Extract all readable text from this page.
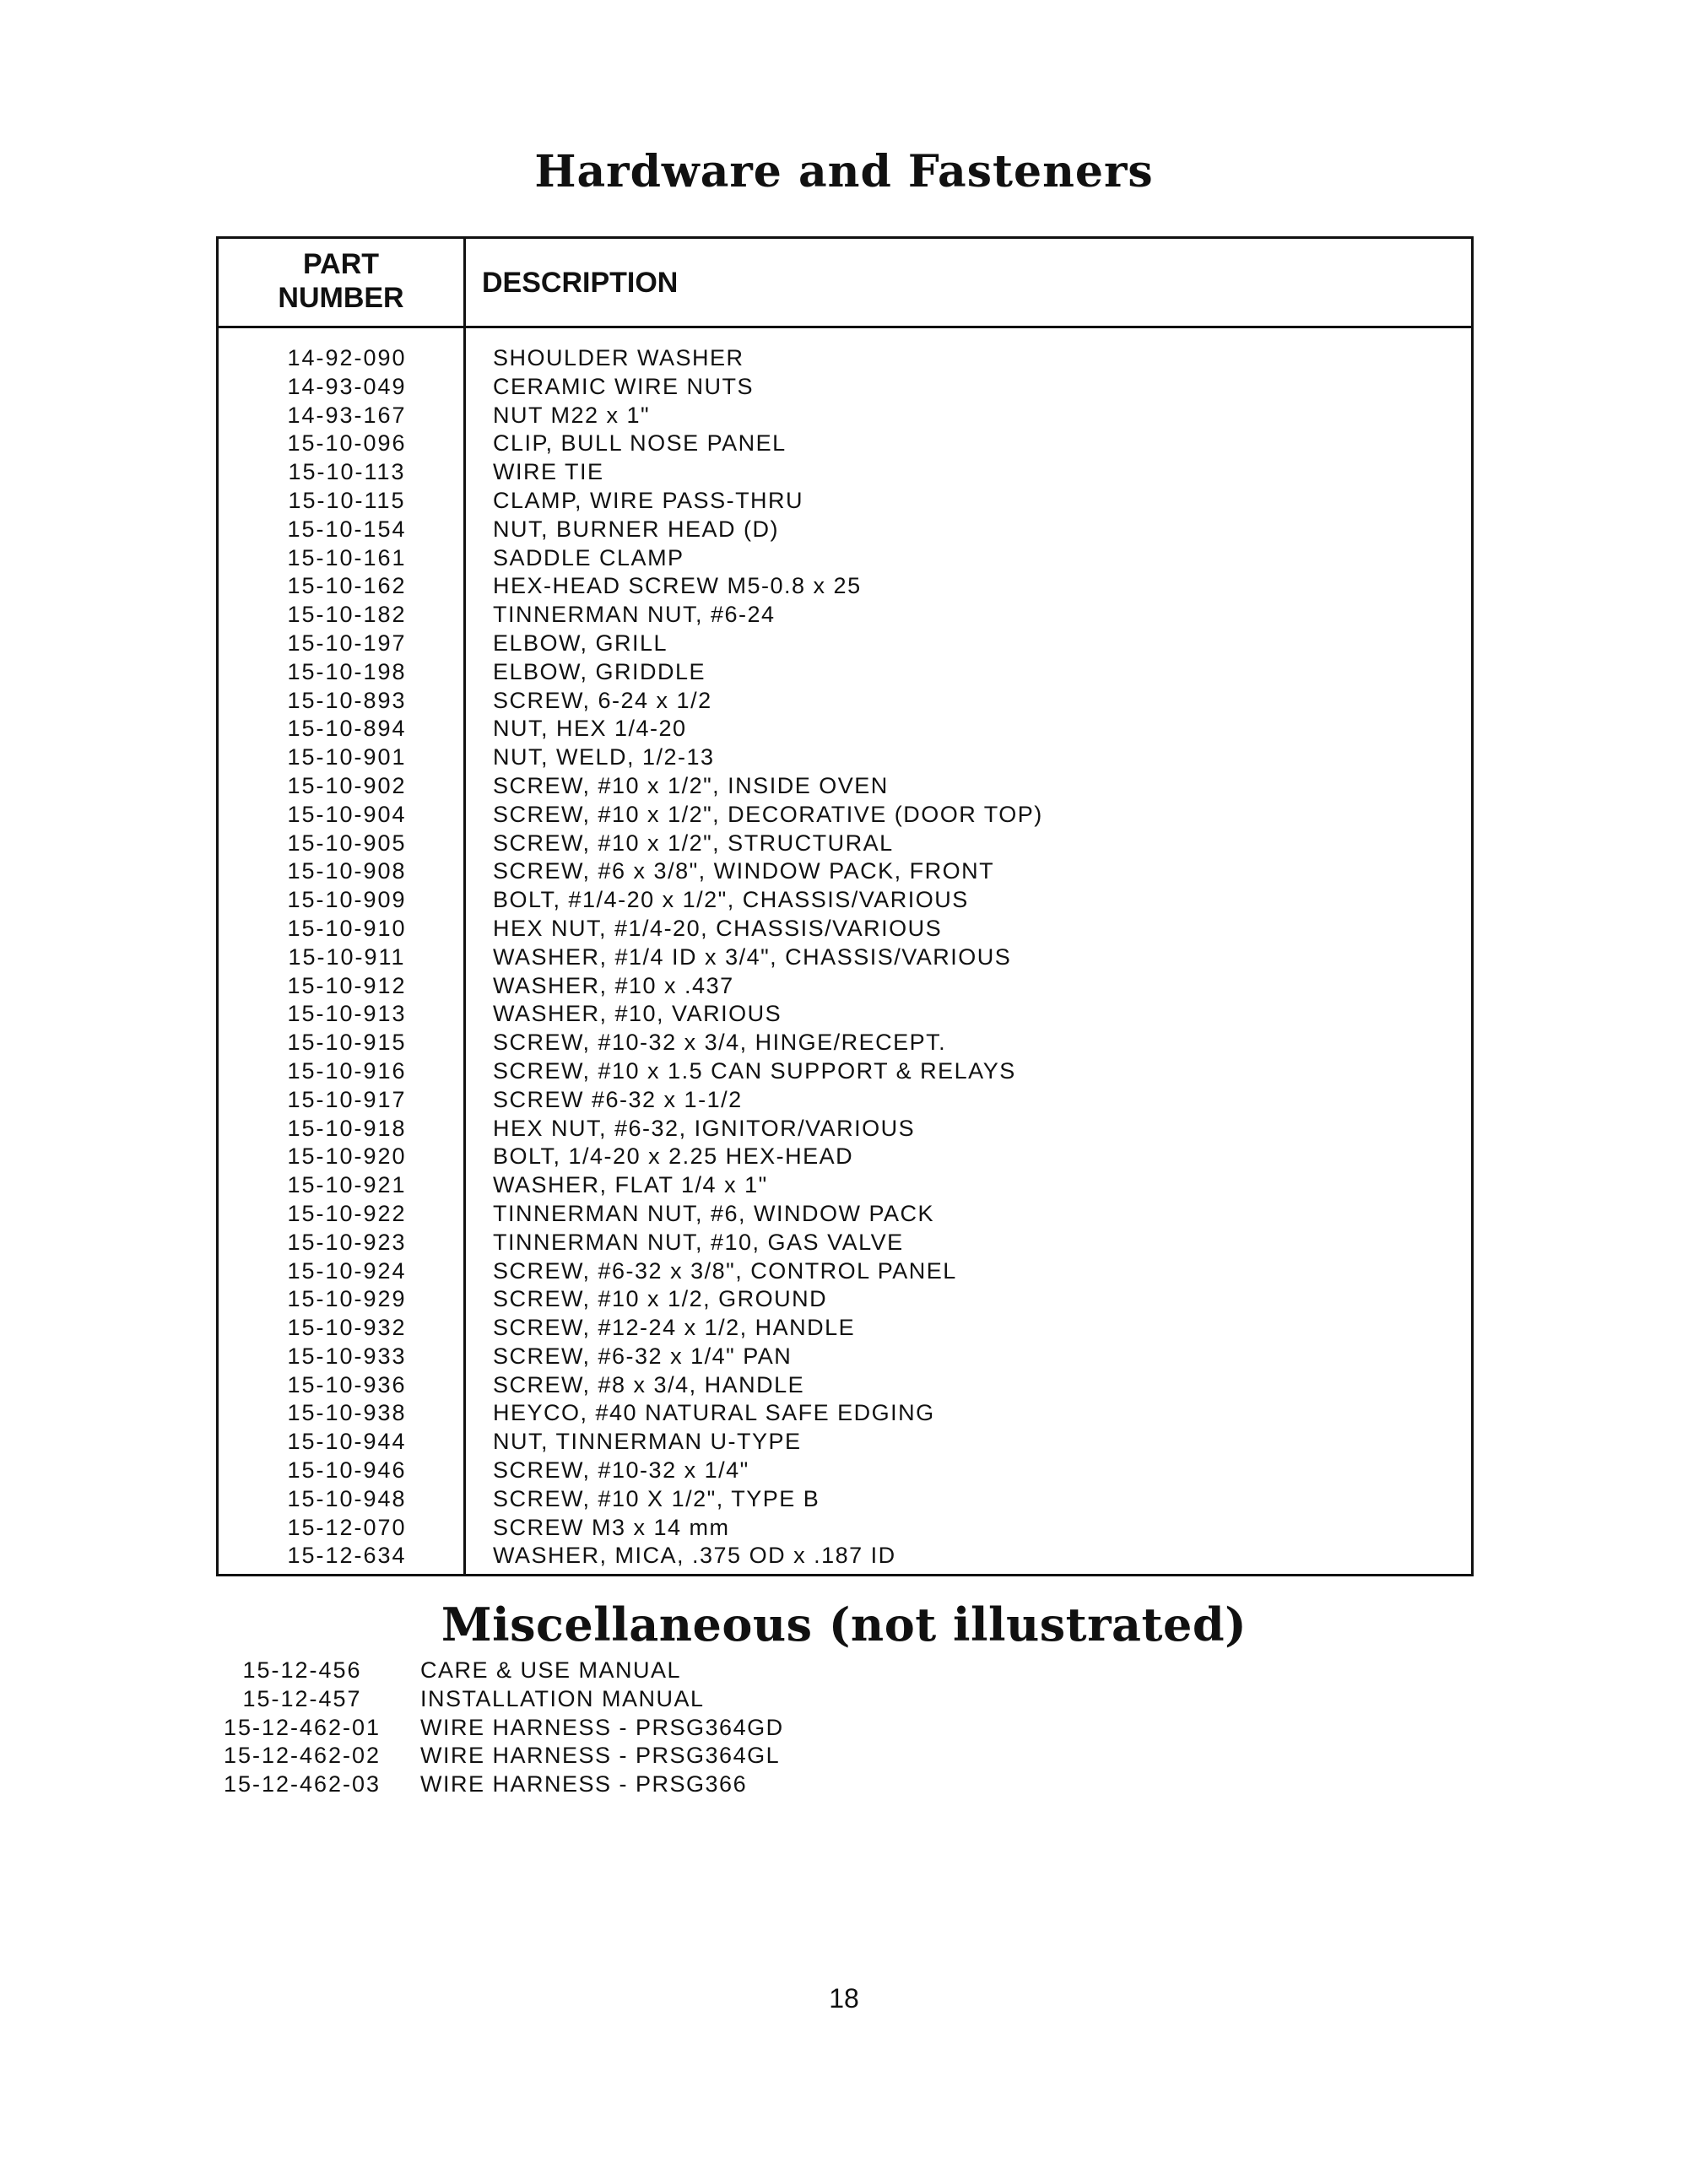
Hardware and Fasteners
PART
NUMBER	DESCRIPTION
14-92-090	SHOULDER WASHER
14-93-049	CERAMIC WIRE NUTS
14-93-167	NUT M22 x 1"
15-10-096	CLIP, BULL NOSE PANEL
15-10-113	WIRE TIE
15-10-115	CLAMP, WIRE PASS-THRU
15-10-154	NUT, BURNER HEAD (D)
15-10-161	SADDLE CLAMP
15-10-162	HEX-HEAD SCREW M5-0.8 x 25
15-10-182	TINNERMAN NUT, #6-24
15-10-197	ELBOW, GRILL
15-10-198	ELBOW, GRIDDLE
15-10-893	SCREW, 6-24 x 1/2
15-10-894	NUT, HEX 1/4-20
15-10-901	NUT, WELD, 1/2-13
15-10-902	SCREW, #10 x 1/2", INSIDE OVEN
15-10-904	SCREW, #10 x 1/2", DECORATIVE (DOOR TOP)
15-10-905	SCREW, #10 x 1/2", STRUCTURAL
15-10-908	SCREW, #6 x 3/8", WINDOW PACK, FRONT
15-10-909	BOLT, #1/4-20 x 1/2", CHASSIS/VARIOUS
15-10-910	HEX NUT, #1/4-20, CHASSIS/VARIOUS
15-10-911	WASHER, #1/4 ID x 3/4", CHASSIS/VARIOUS
15-10-912	WASHER, #10 x .437
15-10-913	WASHER, #10, VARIOUS
15-10-915	SCREW, #10-32 x 3/4, HINGE/RECEPT.
15-10-916	SCREW, #10 x 1.5 CAN SUPPORT & RELAYS
15-10-917	SCREW #6-32 x 1-1/2
15-10-918	HEX NUT, #6-32, IGNITOR/VARIOUS
15-10-920	BOLT, 1/4-20 x 2.25 HEX-HEAD
15-10-921	WASHER, FLAT 1/4 x 1"
15-10-922	TINNERMAN NUT, #6, WINDOW PACK
15-10-923	TINNERMAN NUT, #10, GAS VALVE
15-10-924	SCREW, #6-32 x 3/8", CONTROL PANEL
15-10-929	SCREW, #10 x 1/2, GROUND
15-10-932	SCREW, #12-24 x 1/2, HANDLE
15-10-933	SCREW, #6-32 x 1/4" PAN
15-10-936	SCREW, #8 x 3/4, HANDLE
15-10-938	HEYCO, #40 NATURAL SAFE EDGING
15-10-944	NUT, TINNERMAN U-TYPE
15-10-946	SCREW, #10-32 x 1/4"
15-10-948	SCREW, #10 X 1/2", TYPE B
15-12-070	SCREW M3 x 14 mm
15-12-634	WASHER, MICA, .375 OD x .187 ID
Miscellaneous (not illustrated)
15-12-456	CARE & USE MANUAL
15-12-457	INSTALLATION MANUAL
15-12-462-01	WIRE HARNESS - PRSG364GD
15-12-462-02	WIRE HARNESS - PRSG364GL
15-12-462-03	WIRE HARNESS - PRSG366
18
